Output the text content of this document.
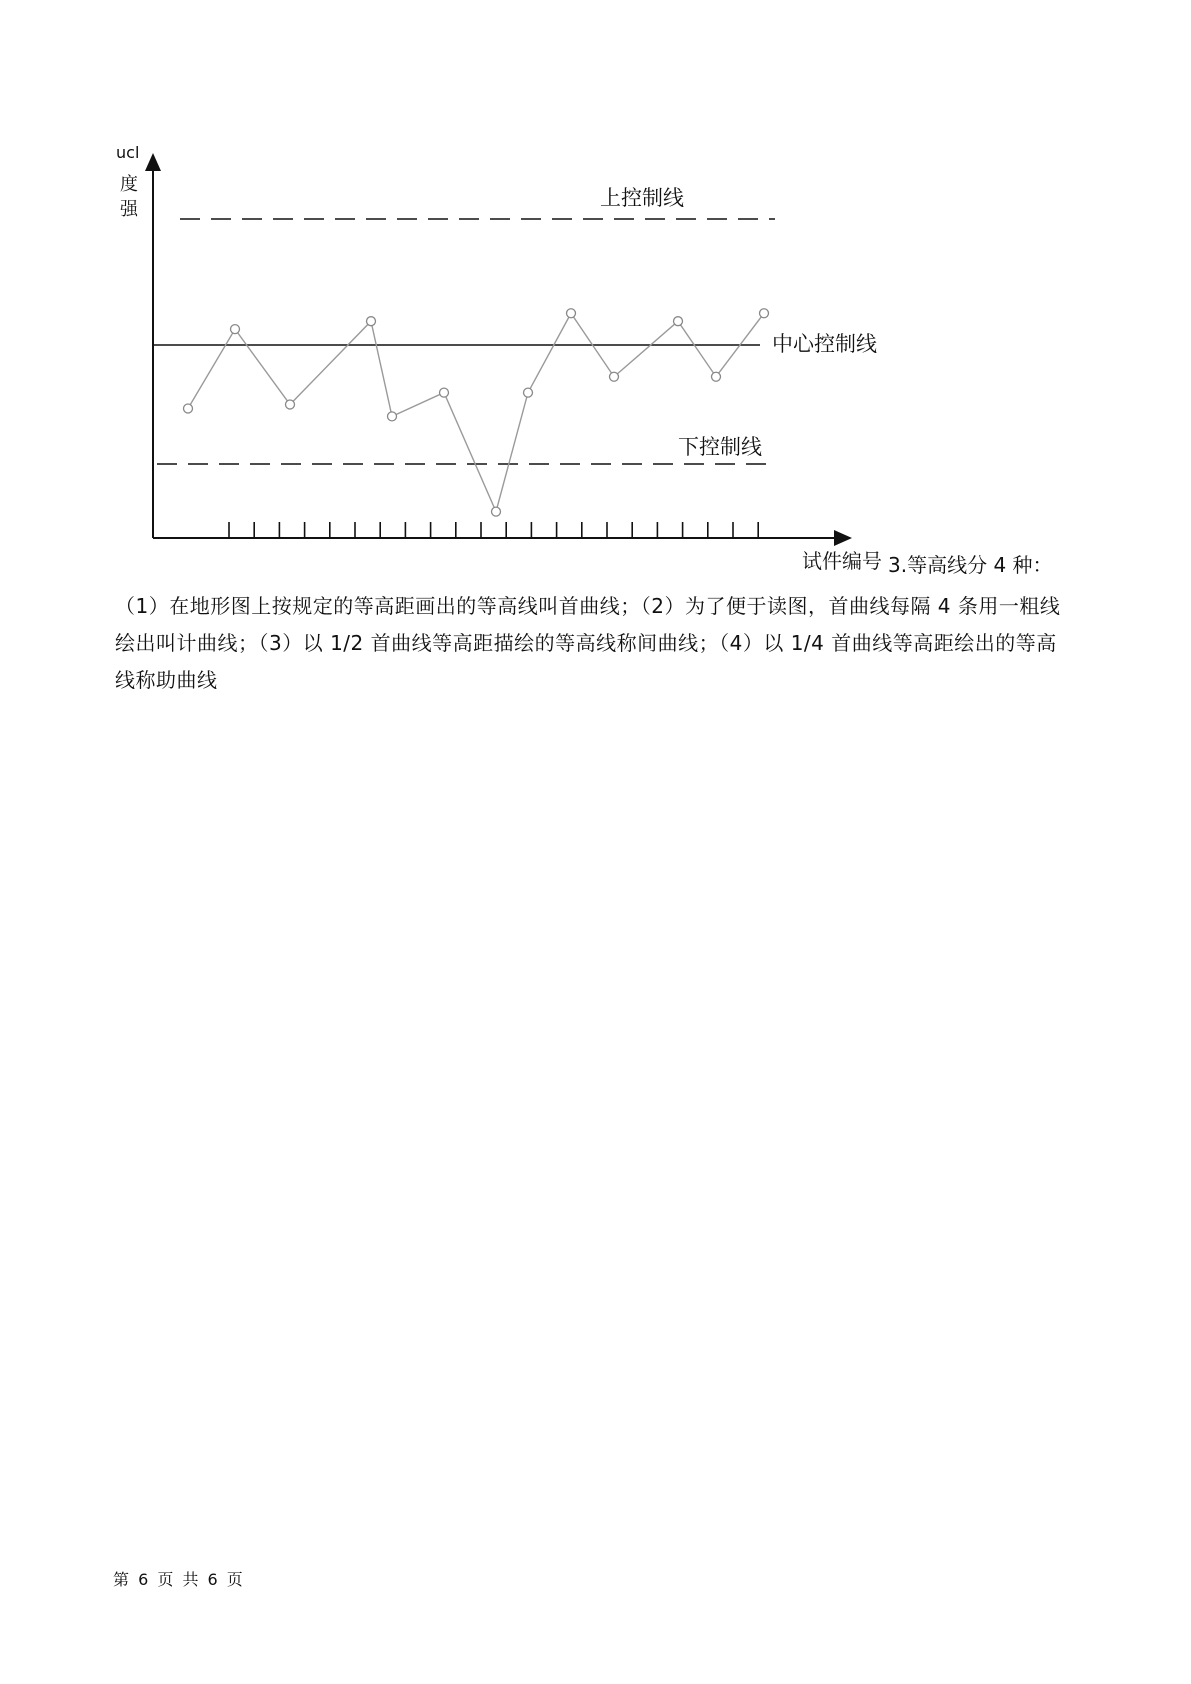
ucl
度
强	上控制线
中心控制线
下控制线
试件编号 3.等高线分 4 种：

（1）在地形图上按规定的等高距画出的等高线叫首曲线；（2）为了便于读图，首曲线每隔 4 条用一粗线绘出叫计曲线；（3）以 1/2 首曲线等高距描绘的等高线称间曲线；（4）以 1/4 首曲线等高距绘出的等高线称助曲线

第 6 页 共 6 页
